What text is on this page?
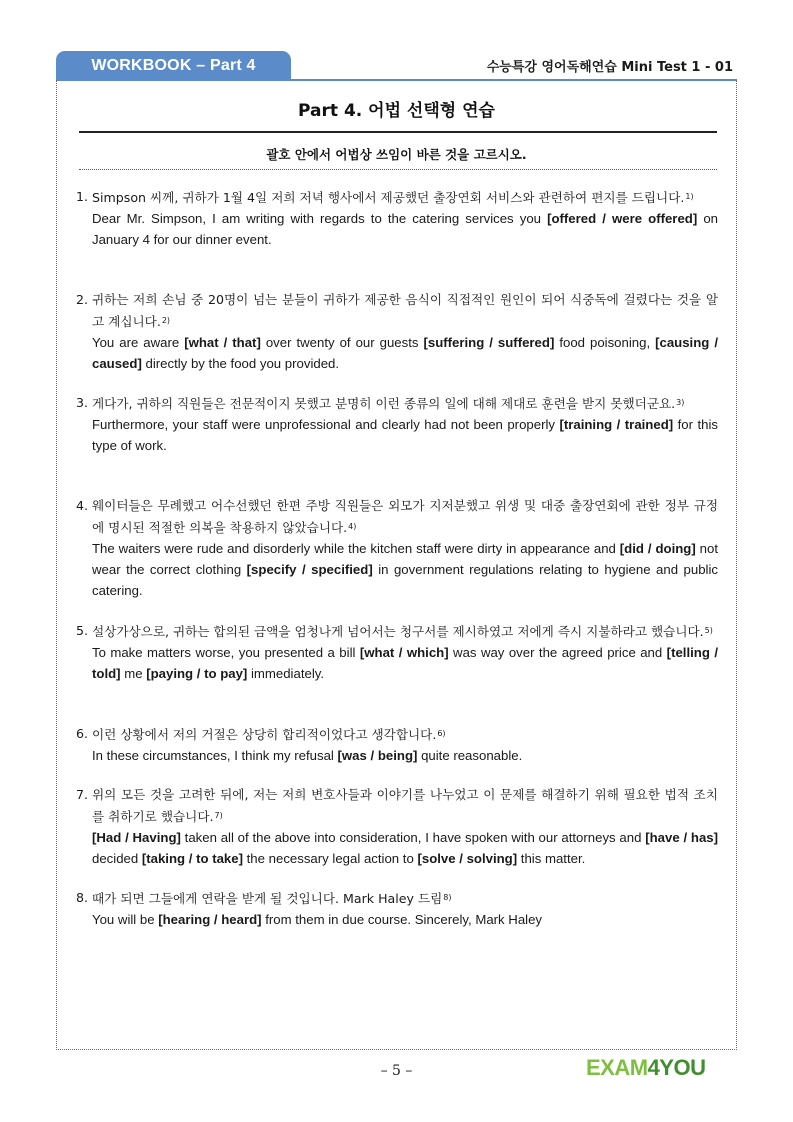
WORKBOOK – Part 4	수능특강 영어독해연습 Mini Test 1 - 01
Part 4. 어법 선택형 연습
괄호 안에서 어법상 쓰임이 바른 것을 고르시오.
1. Simpson 씨께, 귀하가 1월 4일 저희 저녁 행사에서 제공했던 출장연회 서비스와 관련하여 편지를 드립니다.$^{1)}$
Dear Mr. Simpson, I am writing with regards to the catering services you [offered / were offered] on January 4 for our dinner event.
2. 귀하는 저희 손님 중 20명이 넘는 분들이 귀하가 제공한 음식이 직접적인 원인이 되어 식중독에 걸렸다는 것을 알고 계십니다.$^{2)}$
You are aware [what / that] over twenty of our guests [suffering / suffered] food poisoning, [causing / caused] directly by the food you provided.
3. 게다가, 귀하의 직원들은 전문적이지 못했고 분명히 이런 종류의 일에 대해 제대로 훈련을 받지 못했더군요.$^{3)}$
Furthermore, your staff were unprofessional and clearly had not been properly [training / trained] for this type of work.
4. 웨이터들은 무례했고 어수선했던 한편 주방 직원들은 외모가 지저분했고 위생 및 대중 출장연회에 관한 정부 규정에 명시된 적절한 의복을 착용하지 않았습니다.$^{4)}$
The waiters were rude and disorderly while the kitchen staff were dirty in appearance and [did / doing] not wear the correct clothing [specify / specified] in government regulations relating to hygiene and public catering.
5. 설상가상으로, 귀하는 합의된 금액을 엄청나게 넘어서는 청구서를 제시하였고 저에게 즉시 지불하라고 했습니다.$^{5)}$
To make matters worse, you presented a bill [what / which] was way over the agreed price and [telling / told] me [paying / to pay] immediately.
6. 이런 상황에서 저의 거절은 상당히 합리적이었다고 생각합니다.$^{6)}$
In these circumstances, I think my refusal [was / being] quite reasonable.
7. 위의 모든 것을 고려한 뒤에, 저는 저희 변호사들과 이야기를 나누었고 이 문제를 해결하기 위해 필요한 법적 조치를 취하기로 했습니다.$^{7)}$
[Had / Having] taken all of the above into consideration, I have spoken with our attorneys and [have / has] decided [taking / to take] the necessary legal action to [solve / solving] this matter.
8. 때가 되면 그들에게 연락을 받게 될 것입니다. Mark Haley 드림$^{8)}$
You will be [hearing / heard] from them in due course. Sincerely, Mark Haley
– 5 –	EXAM4YOU
